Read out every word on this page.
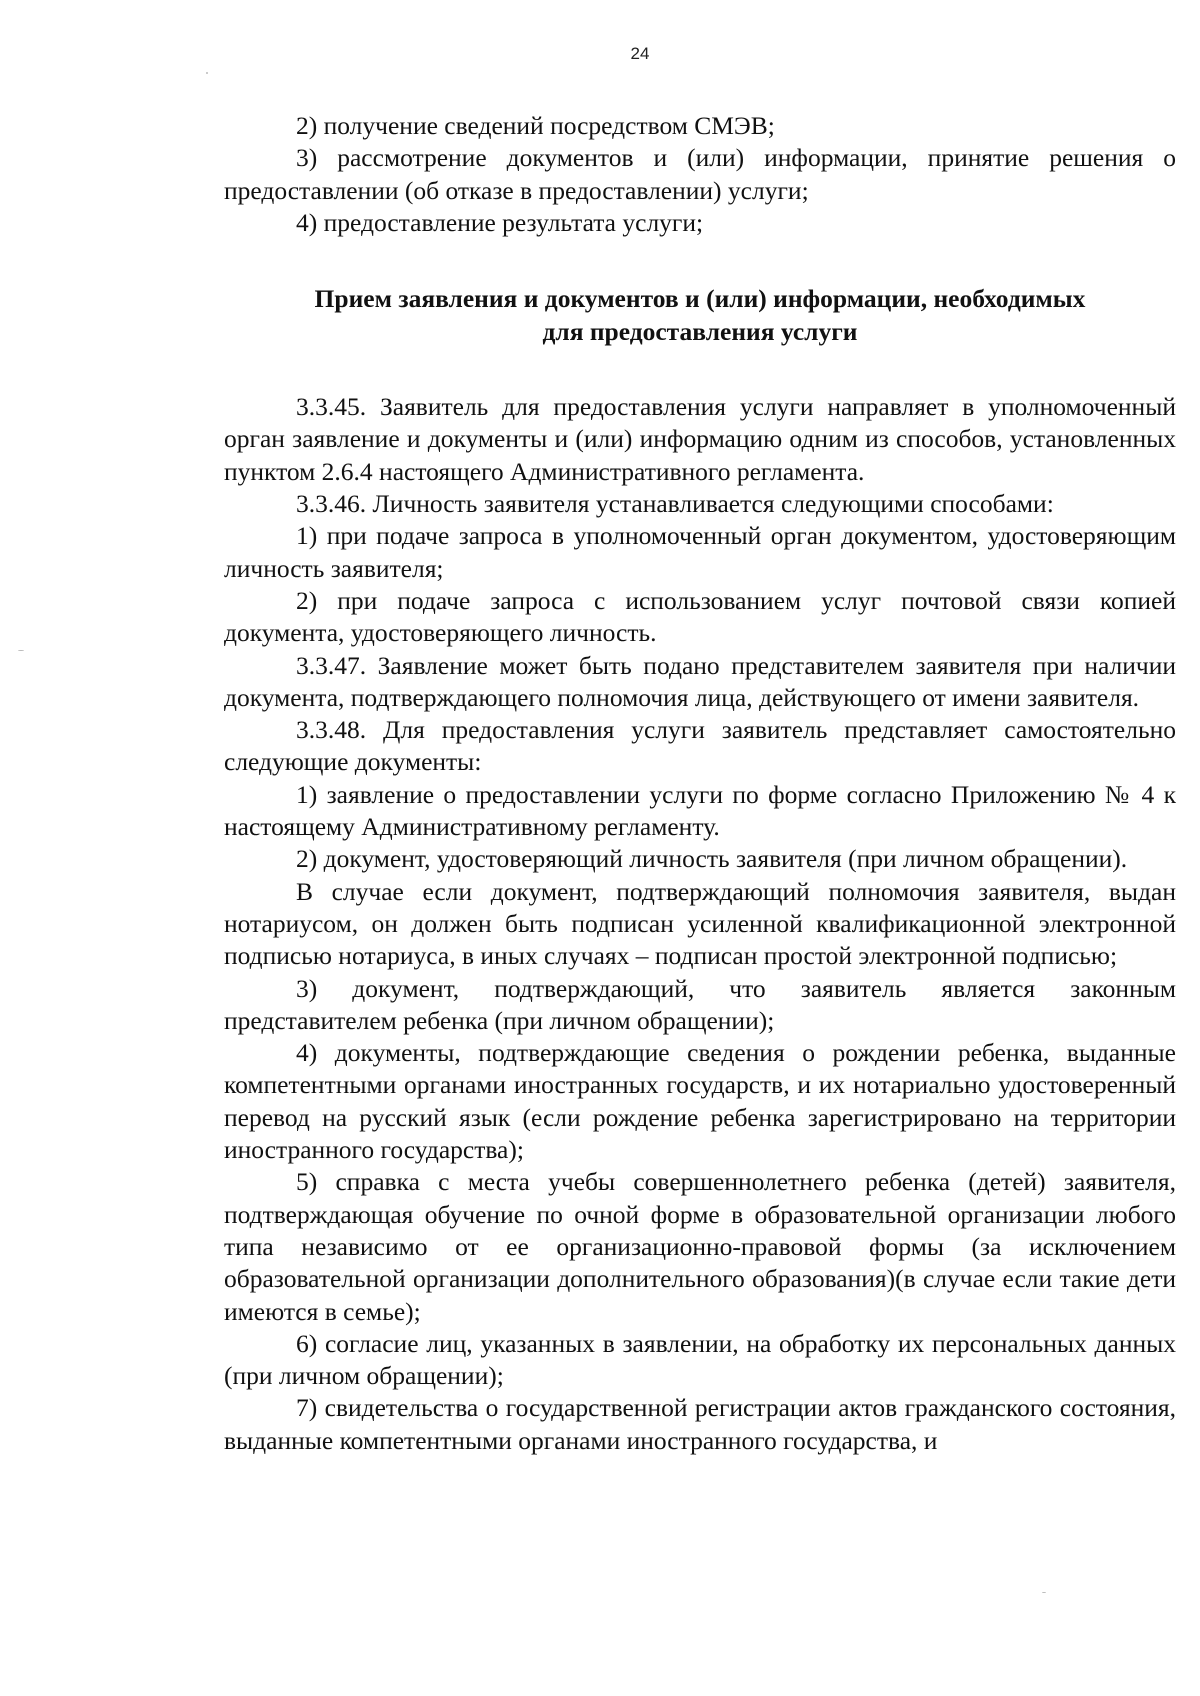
24

2) получение сведений посредством СМЭВ;

3) рассмотрение документов и (или) информации, принятие решения о предоставлении (об отказе в предоставлении) услуги;

4) предоставление результата услуги;

Прием заявления и документов и (или) информации, необходимых
для предоставления услуги

3.3.45. Заявитель для предоставления услуги направляет в уполномоченный орган заявление и документы и (или) информацию одним из способов, установленных пунктом 2.6.4 настоящего Административного регламента.

3.3.46. Личность заявителя устанавливается следующими способами:

1) при подаче запроса в уполномоченный орган документом, удостоверяющим личность заявителя;

2) при подаче запроса с использованием услуг почтовой связи копией документа, удостоверяющего личность.

3.3.47. Заявление может быть подано представителем заявителя при наличии документа, подтверждающего полномочия лица, действующего от имени заявителя.

3.3.48. Для предоставления услуги заявитель представляет самостоятельно следующие документы:

1) заявление о предоставлении услуги по форме согласно Приложению № 4 к настоящему Административному регламенту.

2) документ, удостоверяющий личность заявителя (при личном обращении).

В случае если документ, подтверждающий полномочия заявителя, выдан нотариусом, он должен быть подписан усиленной квалификационной электронной подписью нотариуса, в иных случаях – подписан простой электронной подписью;

3) документ, подтверждающий, что заявитель является законным представителем ребенка (при личном обращении);

4) документы, подтверждающие сведения о рождении ребенка, выданные компетентными органами иностранных государств, и их нотариально удостоверенный перевод на русский язык (если рождение ребенка зарегистрировано на территории иностранного государства);

5) справка с места учебы совершеннолетнего ребенка (детей) заявителя, подтверждающая обучение по очной форме в образовательной организации любого типа независимо от ее организационно-правовой формы (за исключением образовательной организации дополнительного образования)(в случае если такие дети имеются в семье);

6) согласие лиц, указанных в заявлении, на обработку их персональных данных (при личном обращении);

7) свидетельства о государственной регистрации актов гражданского состояния, выданные компетентными органами иностранного государства, и
